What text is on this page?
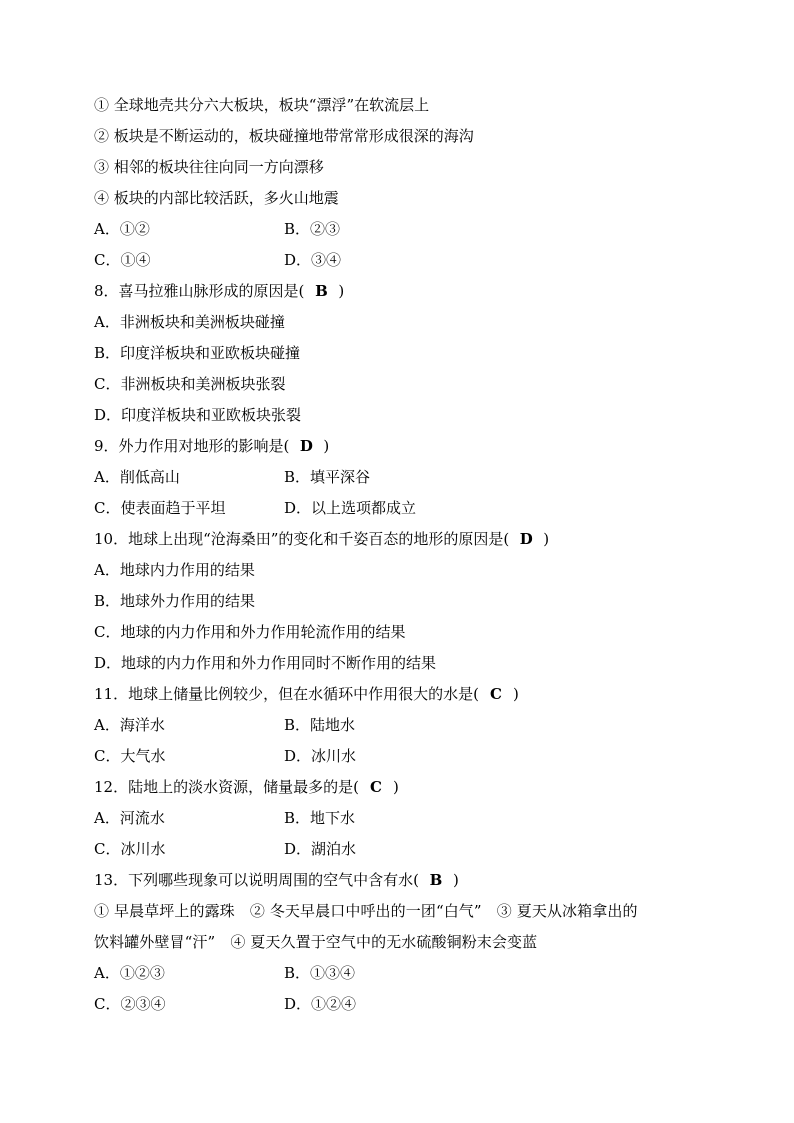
① 全球地壳共分六大板块，板块“漂浮”在软流层上
② 板块是不断运动的，板块碰撞地带常常形成很深的海沟
③ 相邻的板块往往向同一方向漂移
④ 板块的内部比较活跃，多火山地震
A．①②	B．②③
C．①④	D．③④
8．喜马拉雅山脉形成的原因是( B )
A．非洲板块和美洲板块碰撞
B．印度洋板块和亚欧板块碰撞
C．非洲板块和美洲板块张裂
D．印度洋板块和亚欧板块张裂
9．外力作用对地形的影响是( D )
A．削低高山	B．填平深谷
C．使表面趋于平坦	D．以上选项都成立
10．地球上出现“沧海桑田”的变化和千姿百态的地形的原因是( D )
A．地球内力作用的结果
B．地球外力作用的结果
C．地球的内力作用和外力作用轮流作用的结果
D．地球的内力作用和外力作用同时不断作用的结果
11．地球上储量比例较少，但在水循环中作用很大的水是( C )
A．海洋水	B．陆地水
C．大气水	D．冰川水
12．陆地上的淡水资源，储量最多的是( C )
A．河流水	B．地下水
C．冰川水	D．湖泊水
13．下列哪些现象可以说明周围的空气中含有水( B )
① 早晨草坪上的露珠　② 冬天早晨口中呼出的一团“白气”　③ 夏天从冰箱拿出的
饮料罐外壁冒“汗”　④ 夏天久置于空气中的无水硫酸铜粉末会变蓝
A．①②③	B．①③④
C．②③④	D．①②④
